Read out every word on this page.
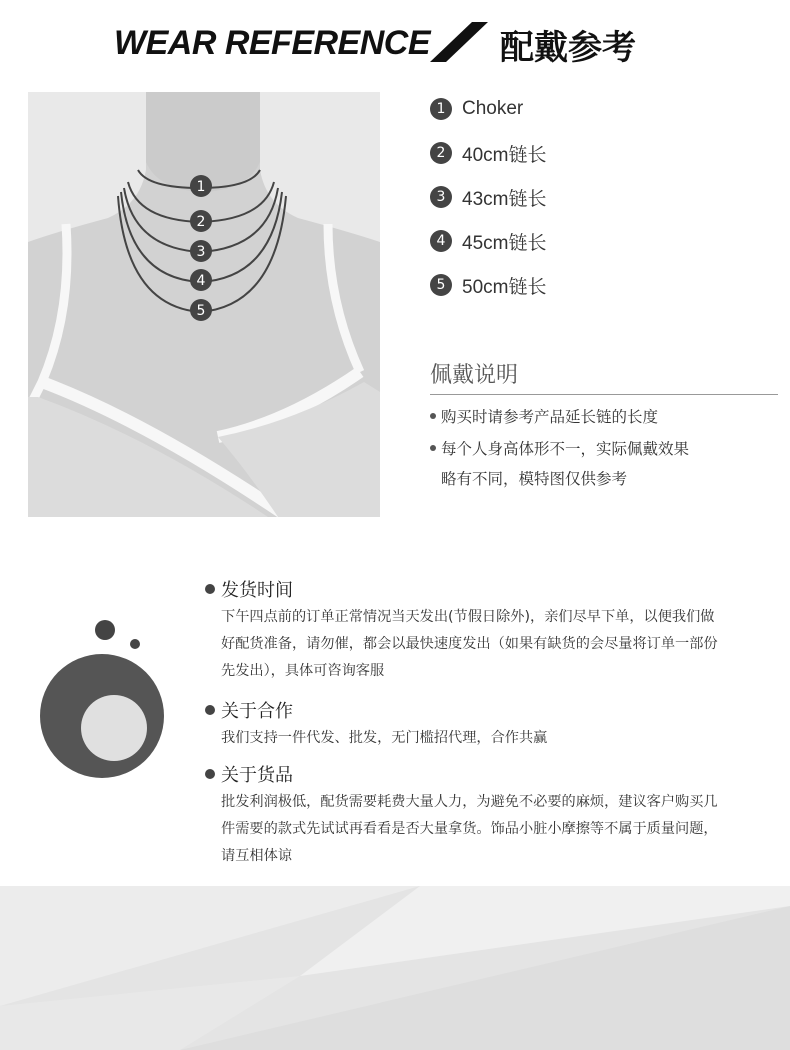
WEAR REFERENCE 配戴参考
1
2
3
4
5
1 Choker
2 40cm链长
3 43cm链长
4 45cm链长
5 50cm链长
佩戴说明
购买时请参考产品延长链的长度
每个人身高体形不一，实际佩戴效果
略有不同，模特图仅供参考
发货时间
下午四点前的订单正常情况当天发出(节假日除外)，亲们尽早下单，以便我们做
好配货准备，请勿催，都会以最快速度发出（如果有缺货的会尽量将订单一部份
先发出），具体可咨询客服
关于合作
我们支持一件代发、批发，无门槛招代理，合作共赢
关于货品
批发利润极低，配货需要耗费大量人力，为避免不必要的麻烦，建议客户购买几
件需要的款式先试试再看看是否大量拿货。饰品小脏小摩擦等不属于质量问题，
请互相体谅
